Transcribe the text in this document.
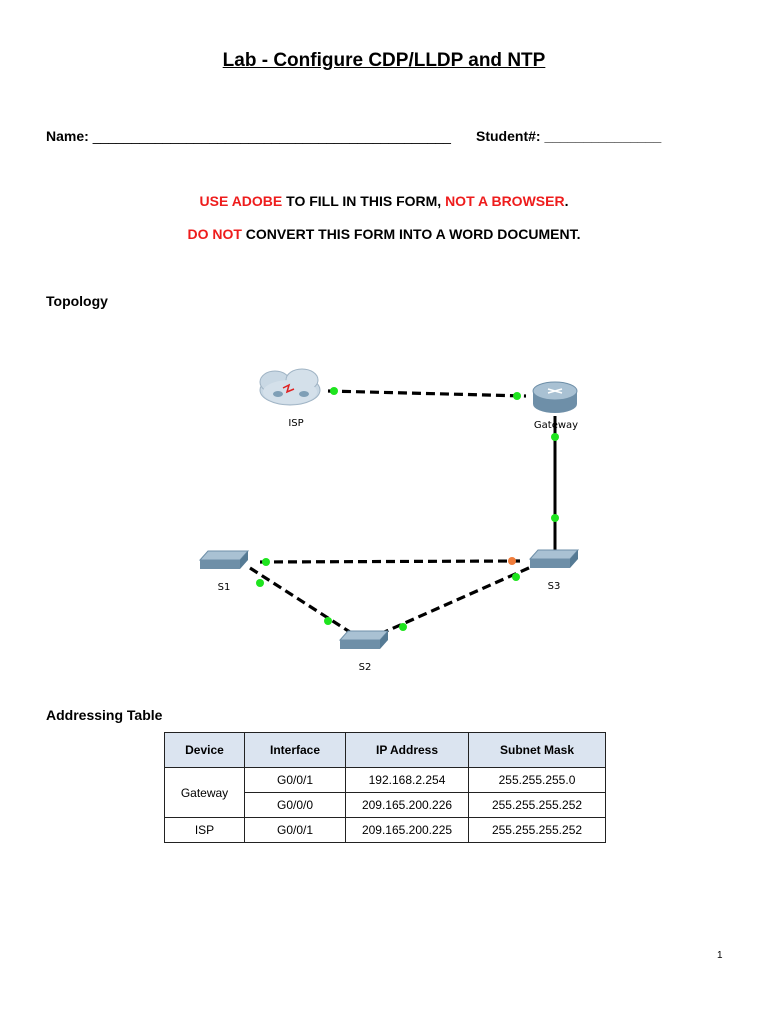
Lab - Configure CDP/LLDP and NTP
Name: ______________________________________________ Student#: _______________
USE ADOBE TO FILL IN THIS FORM, NOT A BROWSER.
DO NOT CONVERT THIS FORM INTO A WORD DOCUMENT.
Topology
ISP	Gateway
S1	S3
S2
Addressing Table
Device	Interface	IP Address	Subnet Mask
Gateway	G0/0/1	192.168.2.254	255.255.255.0
	G0/0/0	209.165.200.226	255.255.255.252
ISP	G0/0/1	209.165.200.225	255.255.255.252
1
